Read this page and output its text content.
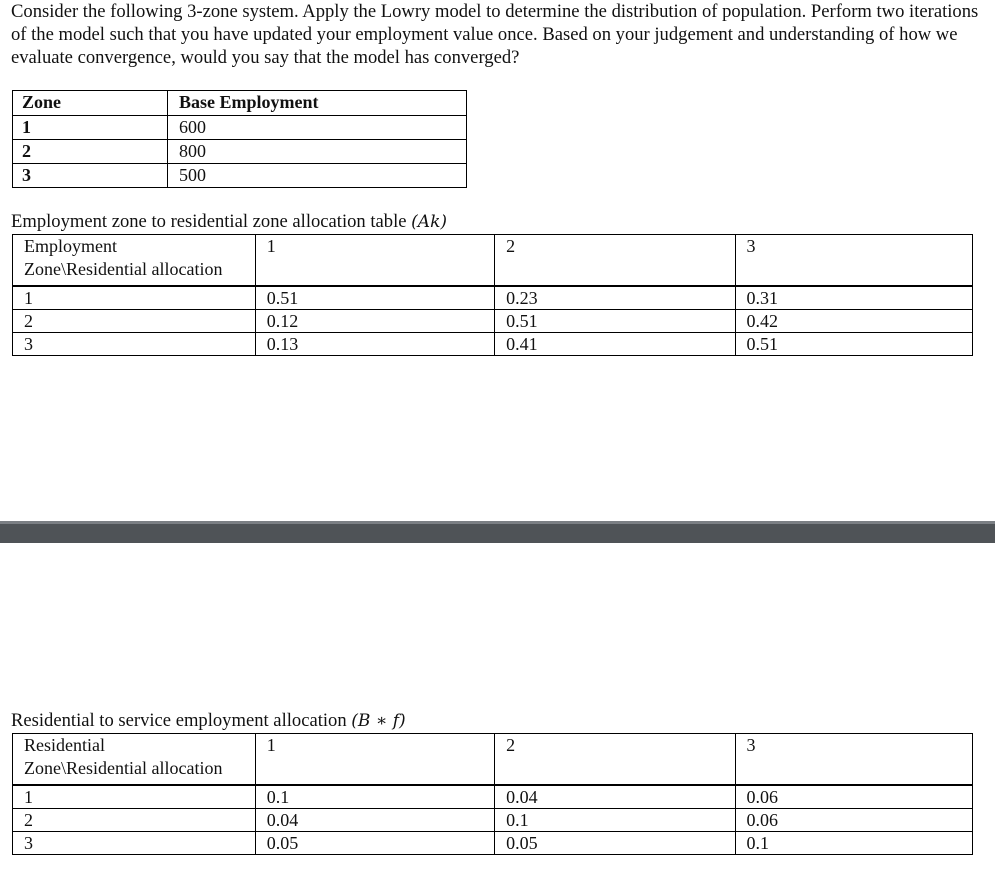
Consider the following 3-zone system. Apply the Lowry model to determine the distribution of population. Perform two iterations of the model such that you have updated your employment value once. Based on your judgement and understanding of how we evaluate convergence, would you say that the model has converged?

Zone	Base Employment
1	600
2	800
3	500

Employment zone to residential zone allocation table (Ak)

Employment
Zone\Residential allocation	1	2	3
1	0.51	0.23	0.31
2	0.12	0.51	0.42
3	0.13	0.41	0.51

Residential to service employment allocation (B ∗ f)

Residential
Zone\Residential allocation	1	2	3
1	0.1	0.04	0.06
2	0.04	0.1	0.06
3	0.05	0.05	0.1
